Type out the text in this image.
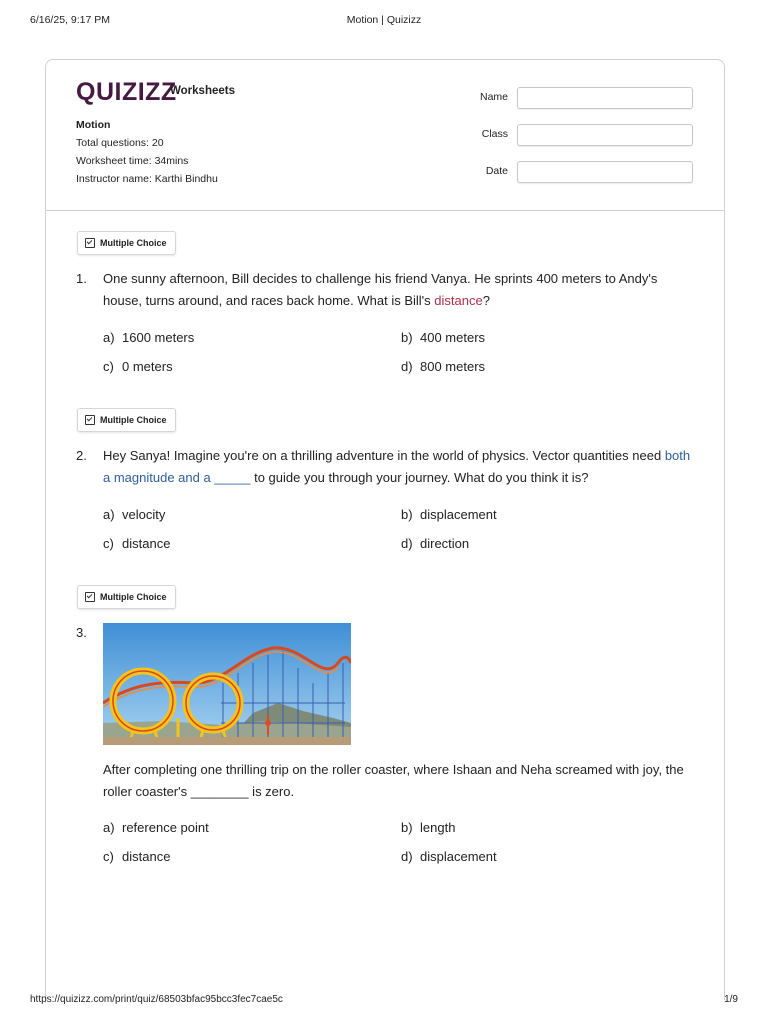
6/16/25, 9:17 PM	Motion | Quizizz
QUIZIZZ
Worksheets
Motion
Total questions: 20
Worksheet time: 34mins
Instructor name: Karthi Bindhu
Name
Class
Date
Multiple Choice
1. One sunny afternoon, Bill decides to challenge his friend Vanya. He sprints 400 meters to Andy's house, turns around, and races back home. What is Bill's distance?
a) 1600 meters	b) 400 meters
c) 0 meters	d) 800 meters
Multiple Choice
2. Hey Sanya! Imagine you're on a thrilling adventure in the world of physics. Vector quantities need both a magnitude and a _____ to guide you through your journey. What do you think it is?
a) velocity	b) displacement
c) distance	d) direction
Multiple Choice
3.
After completing one thrilling trip on the roller coaster, where Ishaan and Neha screamed with joy, the roller coaster's ________ is zero.
a) reference point	b) length
c) distance	d) displacement
https://quizizz.com/print/quiz/68503bfac95bcc3fec7cae5c	1/9
